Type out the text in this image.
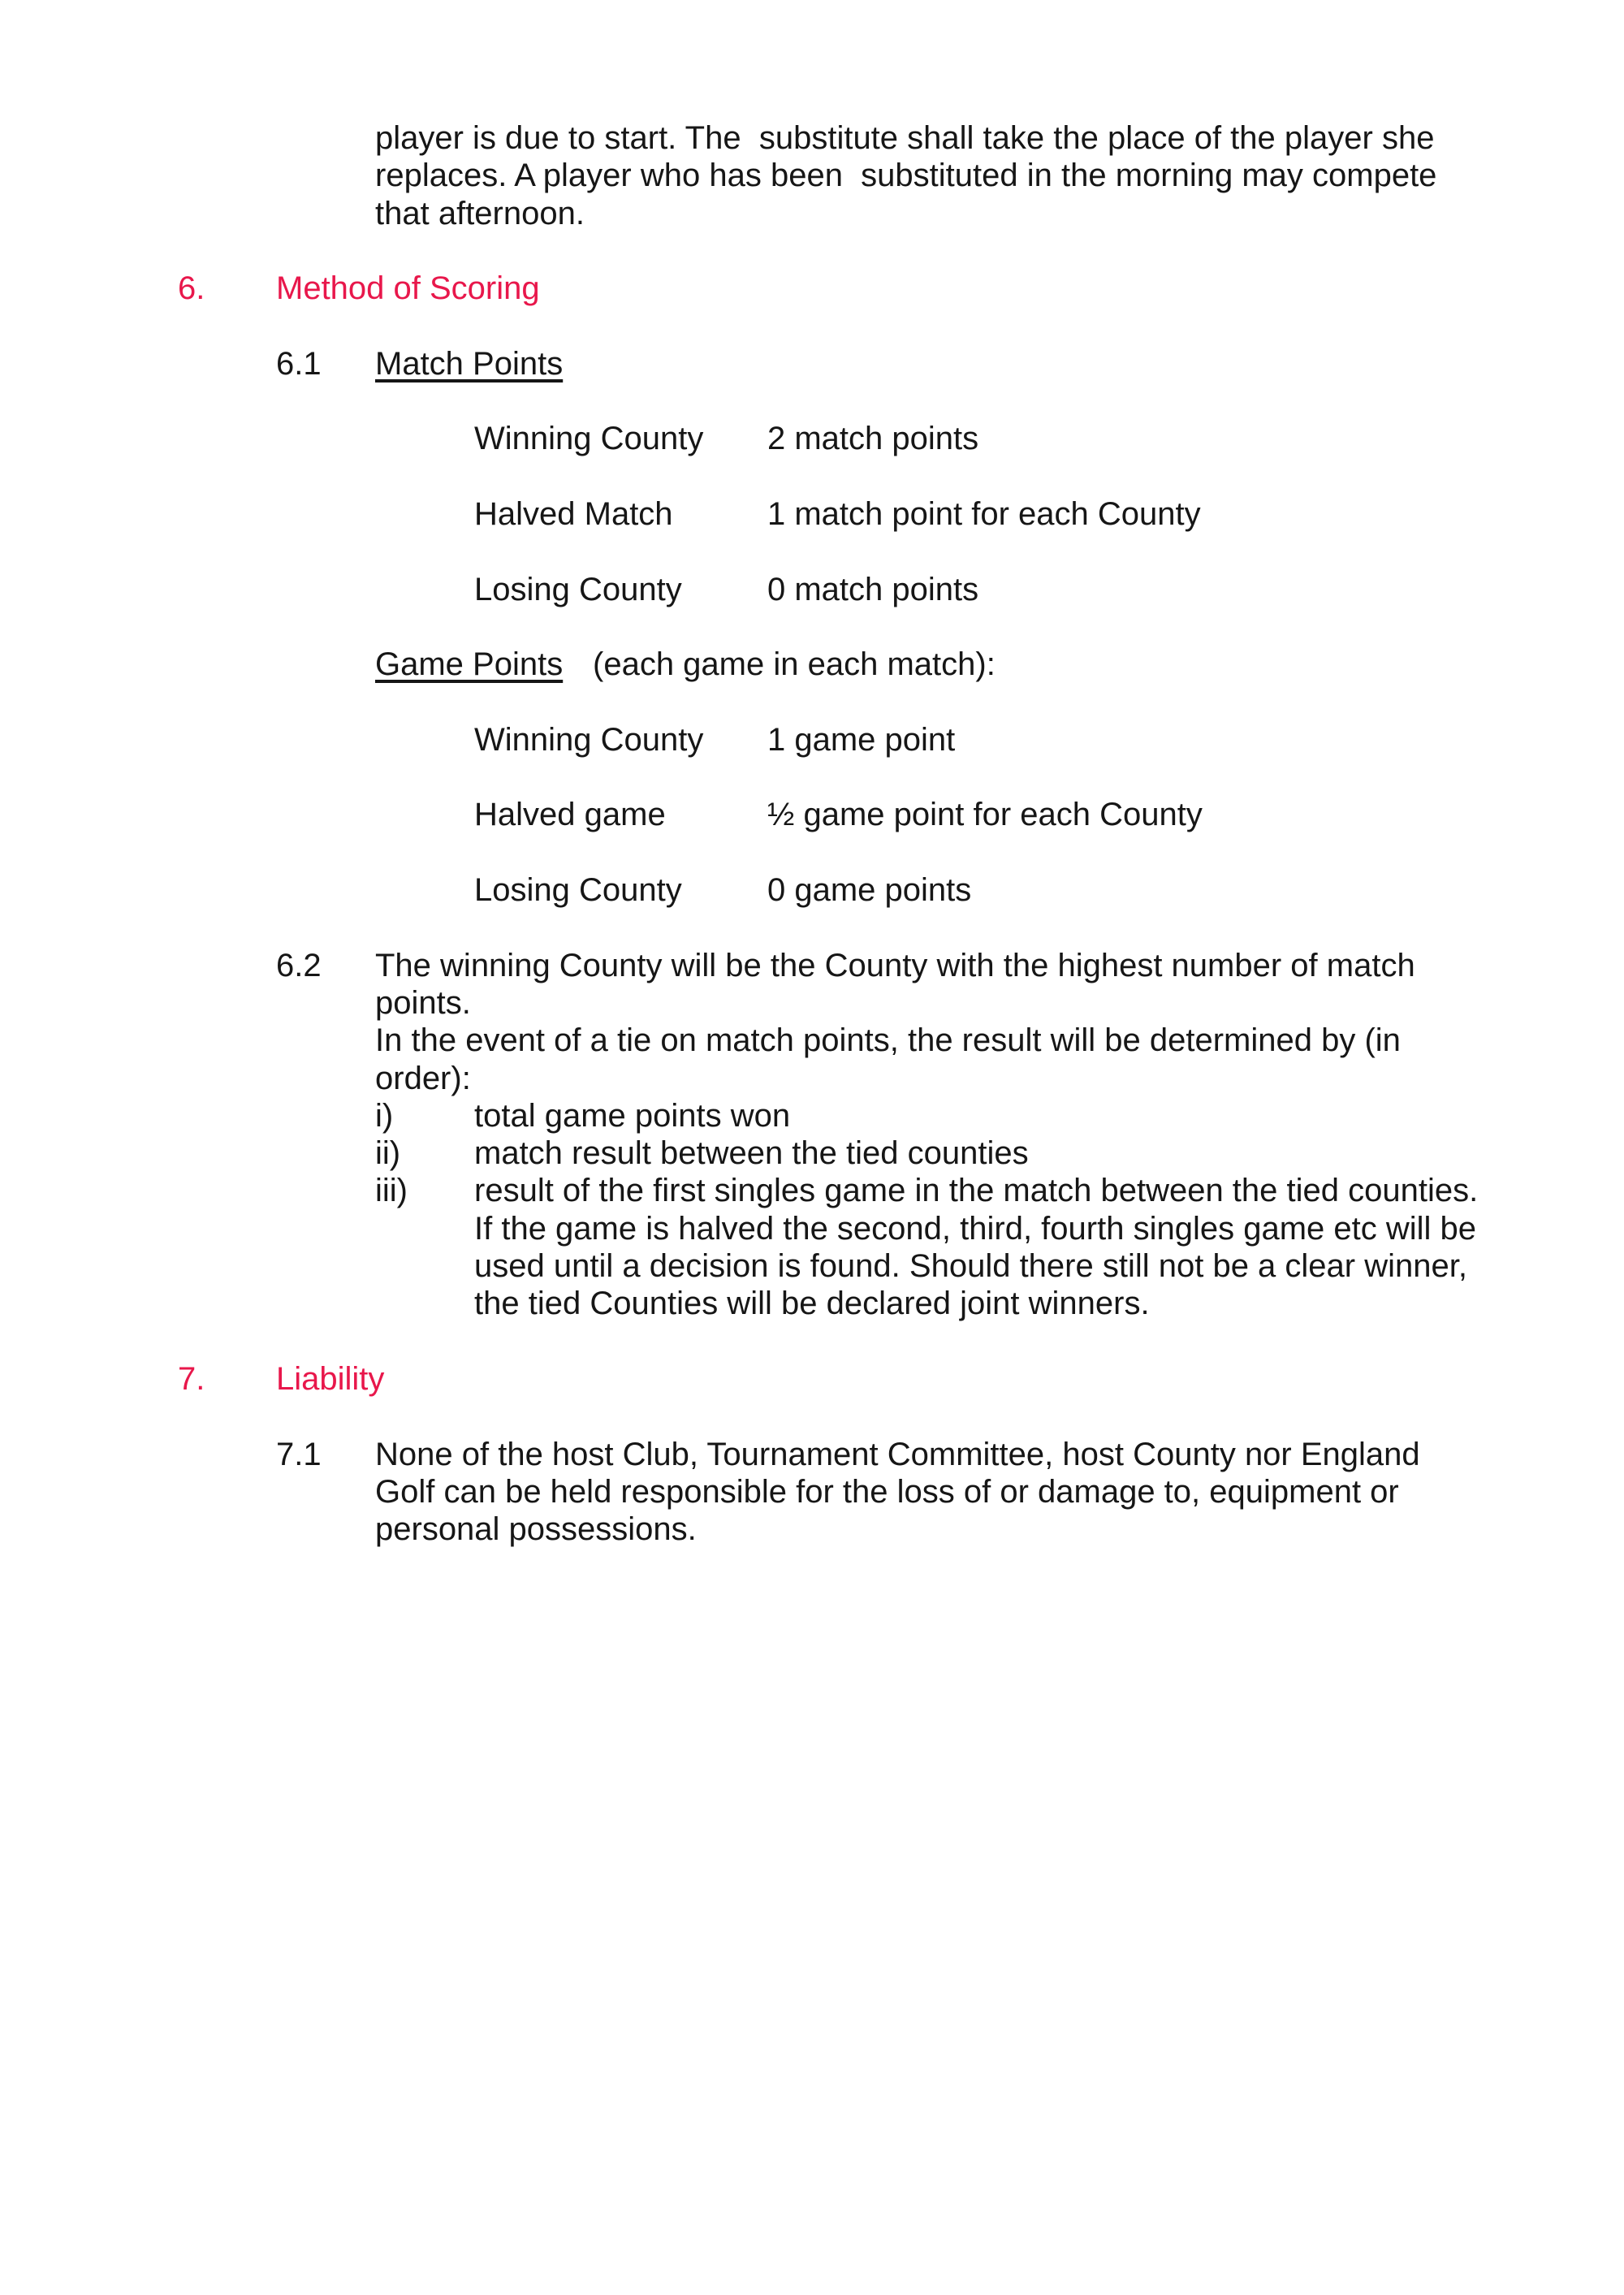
player is due to start. The  substitute shall take the place of the player she
replaces. A player who has been  substituted in the morning may compete
that afternoon.
6. Method of Scoring
6.1 Match Points
Winning County 2 match points
Halved Match	1 match point for each County
Losing County	0 match points
Game Points (each game in each match):
Winning County 1 game point
Halved game	½ game point for each County
Losing County	0 game points
6.2 The winning County will be the County with the highest number of match
points.
In the event of a tie on match points, the result will be determined by (in
order):
i) total game points won
ii) match result between the tied counties
iii) result of the first singles game in the match between the tied counties.
If the game is halved the second, third, fourth singles game etc will be
used until a decision is found. Should there still not be a clear winner,
the tied Counties will be declared joint winners.
7. Liability
7.1 None of the host Club, Tournament Committee, host County nor England
Golf can be held responsible for the loss of or damage to, equipment or
personal possessions.
